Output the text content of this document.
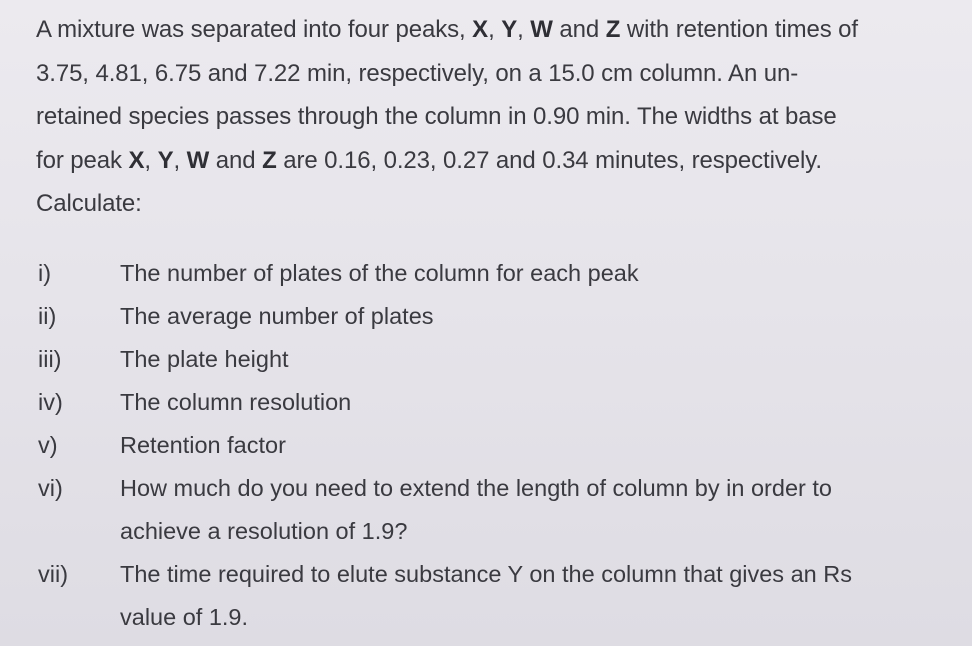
A mixture was separated into four peaks, X, Y, W and Z with retention times of
3.75, 4.81, 6.75 and 7.22 min, respectively, on a 15.0 cm column. An un-
retained species passes through the column in 0.90 min. The widths at base
for peak X, Y, W and Z are 0.16, 0.23, 0.27 and 0.34 minutes, respectively.
Calculate:
i)	The number of plates of the column for each peak
ii)	The average number of plates
iii)	The plate height
iv)	The column resolution
v)	Retention factor
vi)	How much do you need to extend the length of column by in order to
achieve a resolution of 1.9?
vii)	The time required to elute substance Y on the column that gives an Rs
value of 1.9.
